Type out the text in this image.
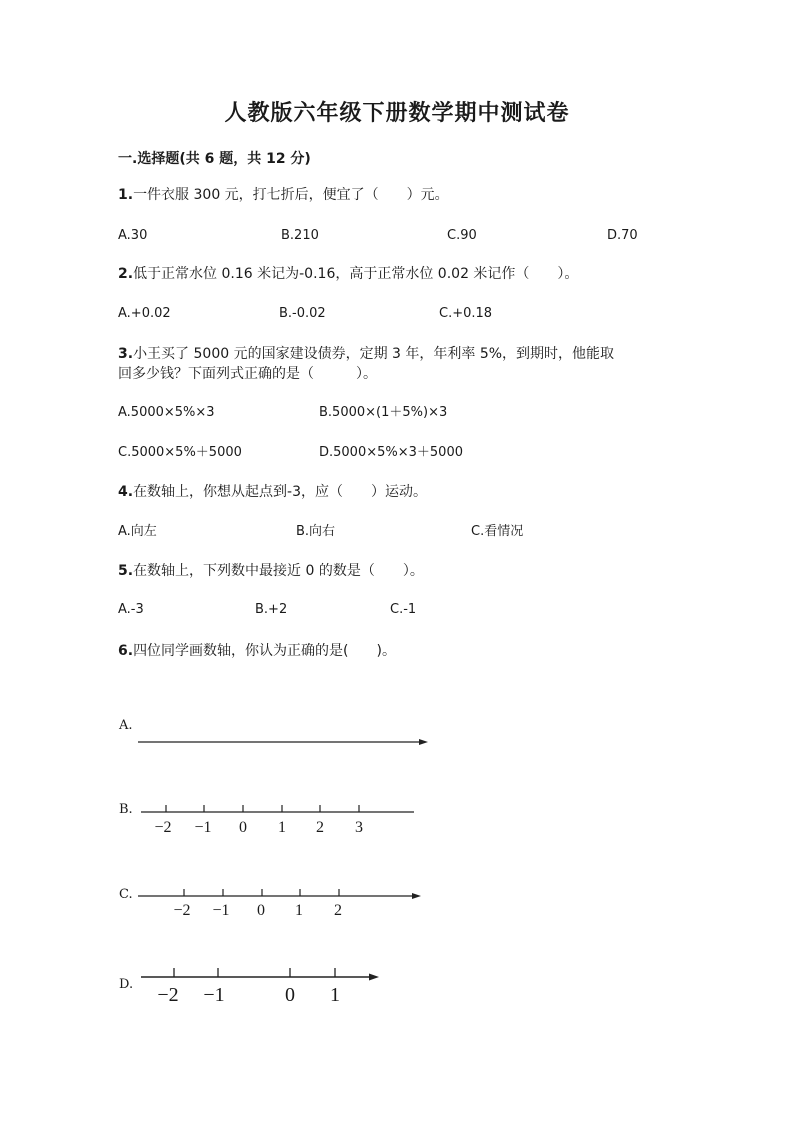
人教版六年级下册数学期中测试卷
一.选择题(共 6 题，共 12 分)
1.一件衣服 300 元，打七折后，便宜了（　　）元。
A.30	B.210	C.90	D.70
2.低于正常水位 0.16 米记为-0.16，高于正常水位 0.02 米记作（　　）。
A.+0.02	B.-0.02	C.+0.18
3.小王买了 5000 元的国家建设债券，定期 3 年，年利率 5%，到期时，他能取
回多少钱？下面列式正确的是（　　　）。
A.5000×5%×3	B.5000×(1＋5%)×3
C.5000×5%＋5000	D.5000×5%×3＋5000
4.在数轴上，你想从起点到-3，应（　　）运动。
A.向左	B.向右	C.看情况
5.在数轴上，下列数中最接近 0 的数是（　　）。
A.-3	B.+2	C.-1
6.四位同学画数轴，你认为正确的是(　　)。
A.
B.
−2 −1 0 1 2 3
C.
−2 −1 0 1 2
D. −2 −1	0 1
